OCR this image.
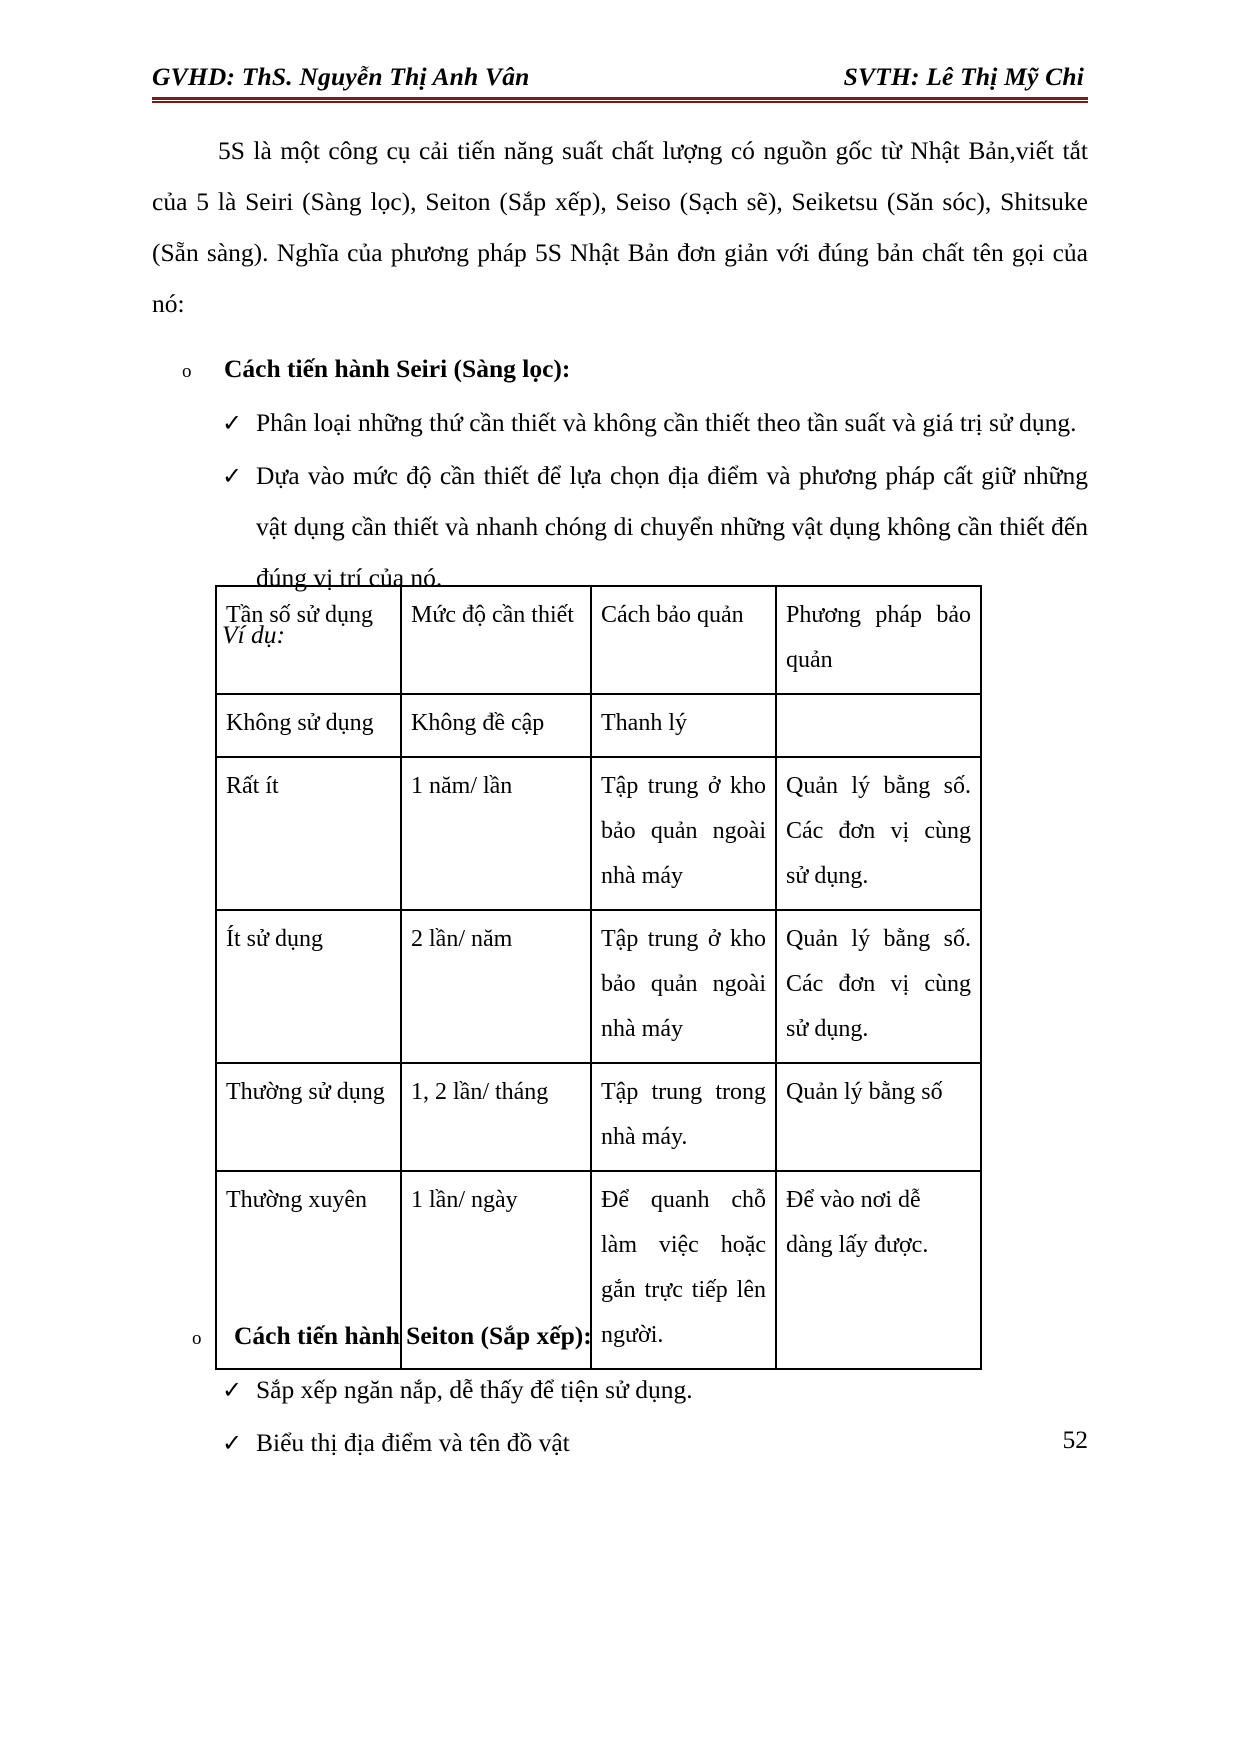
GVHD: ThS. Nguyễn Thị Anh Vân	SVTH: Lê Thị Mỹ Chi

5S là một công cụ cải tiến năng suất chất lượng có nguồn gốc từ Nhật Bản,viết tắt của 5 là Seiri (Sàng lọc), Seiton (Sắp xếp), Seiso (Sạch sẽ), Seiketsu (Săn sóc), Shitsuke (Sẵn sàng). Nghĩa của phương pháp 5S Nhật Bản đơn giản với đúng bản chất tên gọi của nó:

o	Cách tiến hành Seiri (Sàng lọc):
✓ Phân loại những thứ cần thiết và không cần thiết theo tần suất và giá trị sử dụng.
✓ Dựa vào mức độ cần thiết để lựa chọn địa điểm và phương pháp cất giữ những vật dụng cần thiết và nhanh chóng di chuyển những vật dụng không cần thiết đến đúng vị trí của nó.
Ví dụ:
Tần số sử dụng	Mức độ cần thiết	Cách bảo quản	Phương pháp bảo quản
Không sử dụng	Không đề cập	Thanh lý	
Rất ít	1 năm/ lần	Tập trung ở kho bảo quản ngoài nhà máy	Quản lý bằng số. Các đơn vị cùng sử dụng.
Ít sử dụng	2 lần/ năm	Tập trung ở kho bảo quản ngoài nhà máy	Quản lý bằng số. Các đơn vị cùng sử dụng.
Thường sử dụng	1, 2 lần/ tháng	Tập trung trong nhà máy.	Quản lý bằng số
Thường xuyên	1 lần/ ngày	Để quanh chỗ làm việc hoặc gắn trực tiếp lên người.	Để vào nơi dễ dàng lấy được.
o	Cách tiến hành Seiton (Sắp xếp):
✓ Sắp xếp ngăn nắp, dễ thấy để tiện sử dụng.
✓ Biểu thị địa điểm và tên đồ vật	52
